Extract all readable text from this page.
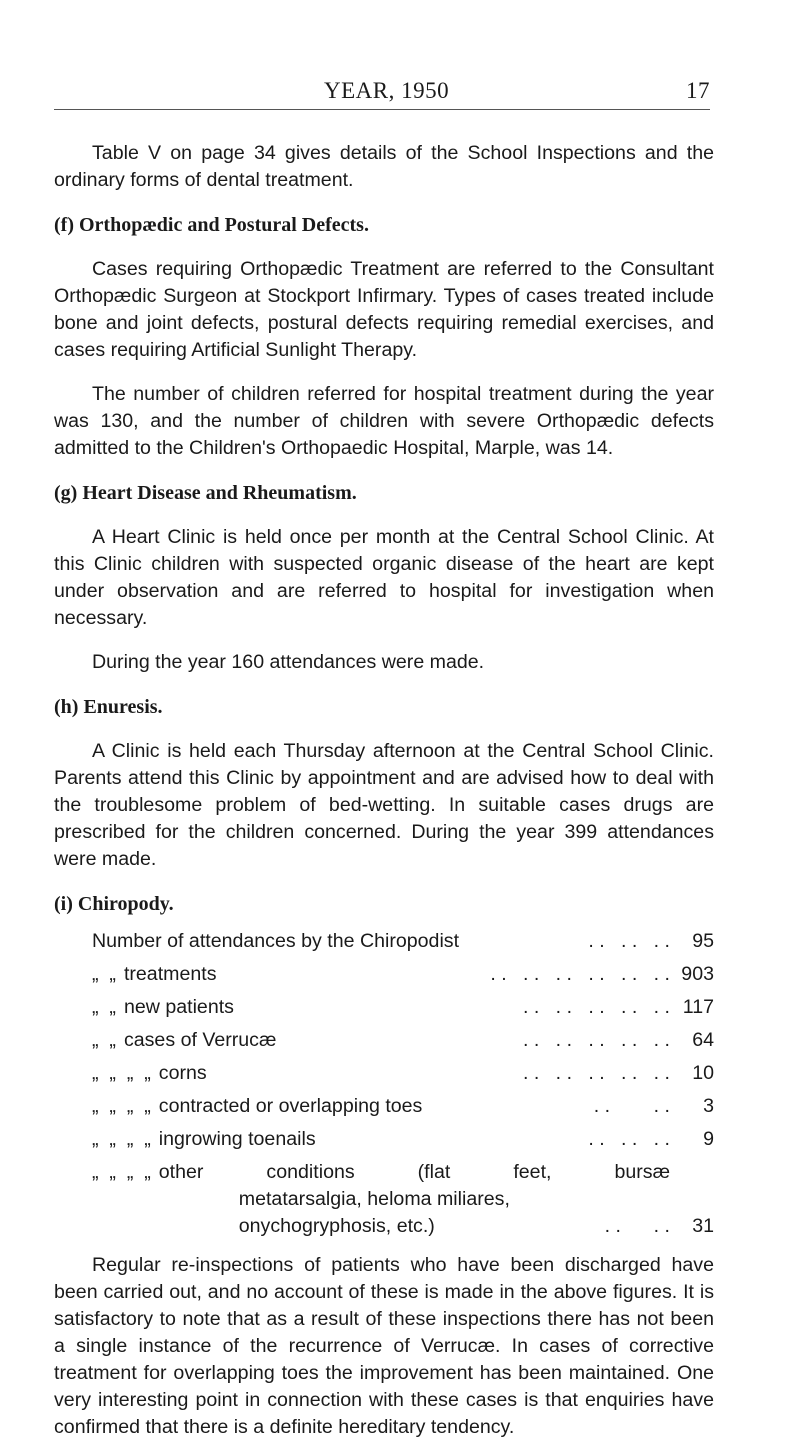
YEAR, 1950	17

Table V on page 34 gives details of the School Inspections and the ordinary forms of dental treatment.

(f) Orthopædic and Postural Defects.

Cases requiring Orthopædic Treatment are referred to the Consultant Orthopædic Surgeon at Stockport Infirmary. Types of cases treated include bone and joint defects, postural defects requiring remedial exercises, and cases requiring Artificial Sunlight Therapy.

The number of children referred for hospital treatment during the year was 130, and the number of children with severe Orthopædic defects admitted to the Children's Orthopaedic Hospital, Marple, was 14.

(g) Heart Disease and Rheumatism.

A Heart Clinic is held once per month at the Central School Clinic. At this Clinic children with suspected organic disease of the heart are kept under observation and are referred to hospital for investigation when necessary.

During the year 160 attendances were made.

(h) Enuresis.

A Clinic is held each Thursday afternoon at the Central School Clinic. Parents attend this Clinic by appointment and are advised how to deal with the troublesome problem of bed-wetting. In suitable cases drugs are prescribed for the children concerned. During the year 399 attendances were made.

(i) Chiropody.
Number of attendances by the Chiropodist	. .   . .   . .	95
„  „ treatments	. .   . .   . .   . .   . .   . . 903
„  „ new patients	. .   . .   . .   . .   . . 117
„  „ cases of Verrucæ	. .   . .   . .   . .   . .	64
„  „  „  „ corns	. .   . .   . .   . .   . .	10
„  „  „  „ contracted or overlapping toes	. .        . .	3
„  „  „  „ ingrowing toenails	. .   . .   . .	9
„  „  „  „ other conditions (flat feet, bursæ
metatarsalgia, heloma miliares,
onychogryphosis, etc.)	. .      . .	31

Regular re-inspections of patients who have been discharged have been carried out, and no account of these is made in the above figures. It is satisfactory to note that as a result of these inspections there has not been a single instance of the recurrence of Verrucæ. In cases of corrective treatment for overlapping toes the improvement has been maintained. One very interesting point in connection with these cases is that enquiries have confirmed that there is a definite hereditary tendency.
